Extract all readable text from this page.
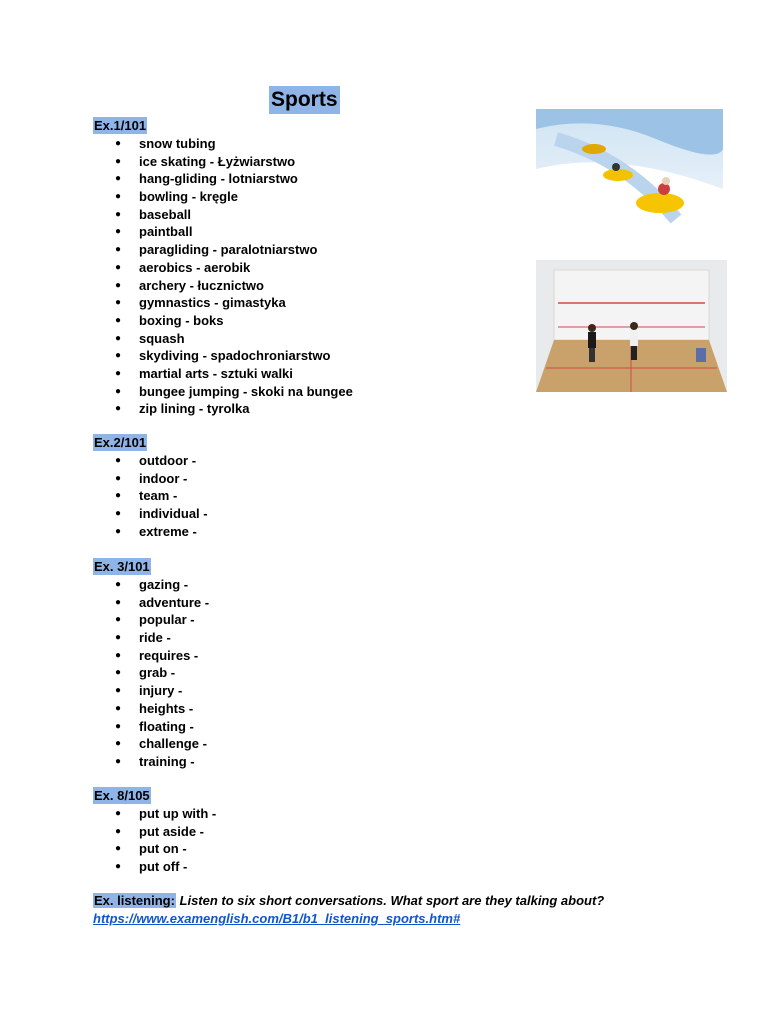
Sports
Ex.1/101
● snow tubing
● ice skating - Łyżwiarstwo
● hang-gliding - lotniarstwo
● bowling - kręgle
● baseball
● paintball
● paragliding - paralotniarstwo
● aerobics - aerobik
● archery - łucznictwo
● gymnastics - gimastyka
● boxing - boks
● squash
● skydiving - spadochroniarstwo
● martial arts - sztuki walki
● bungee jumping - skoki na bungee
● zip lining - tyrolka
Ex.2/101
● outdoor -
● indoor -
● team -
● individual -
● extreme -
Ex. 3/101
● gazing -
● adventure -
● popular -
● ride -
● requires -
● grab -
● injury -
● heights -
● floating -
● challenge -
● training -
Ex. 8/105
● put up with -
● put aside -
● put on -
● put off -
Ex. listening: Listen to six short conversations. What sport are they talking about?
https://www.examenglish.com/B1/b1_listening_sports.htm#
